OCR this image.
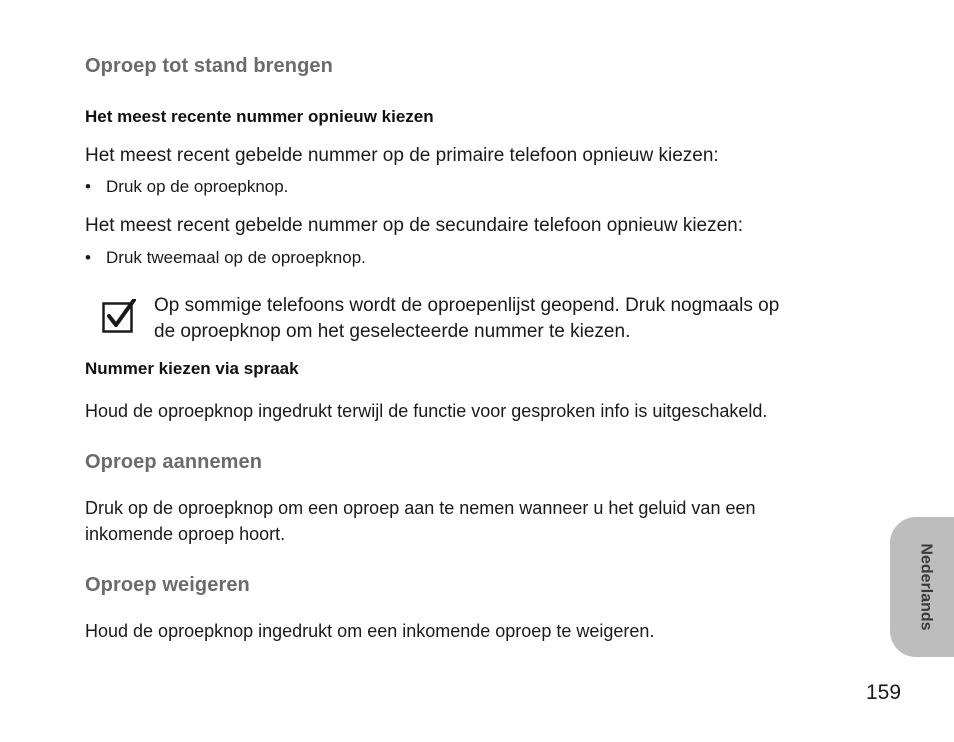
Oproep tot stand brengen
Het meest recente nummer opnieuw kiezen
Het meest recent gebelde nummer op de primaire telefoon opnieuw kiezen:
• Druk op de oproepknop.
Het meest recent gebelde nummer op de secundaire telefoon opnieuw kiezen:
• Druk tweemaal op de oproepknop.
Op sommige telefoons wordt de oproepenlijst geopend. Druk nogmaals op
de oproepknop om het geselecteerde nummer te kiezen.
Nummer kiezen via spraak
Houd de oproepknop ingedrukt terwijl de functie voor gesproken info is uitgeschakeld.
Oproep aannemen
Druk op de oproepknop om een oproep aan te nemen wanneer u het geluid van een
inkomende oproep hoort.
Oproep weigeren
Houd de oproepknop ingedrukt om een inkomende oproep te weigeren.
Nederlands
159
